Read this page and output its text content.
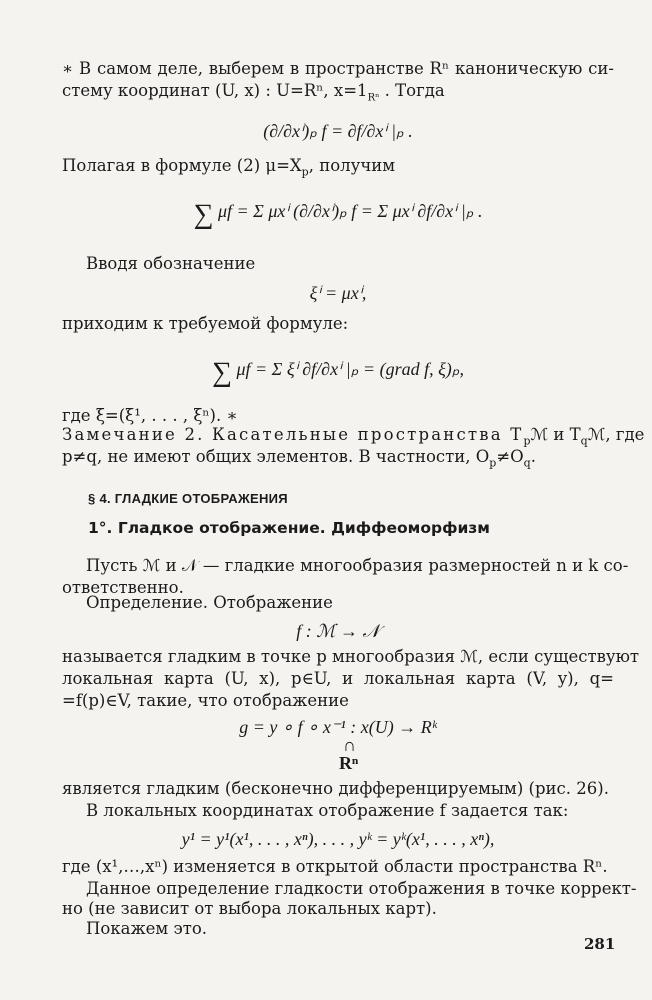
∗ В самом деле, выберем в пространстве Rⁿ каноническую си-
стему координат (U, x) : U=Rⁿ, $x=1_{R^n}$ . Тогда
(∂/∂xⁱ)ₚ f = ∂f/∂xⁱ |ₚ .
Полагая в формуле (2) $\mu=X_p$, получим
∑ μf = Σ μxⁱ (∂/∂xⁱ)ₚ f = Σ μxⁱ ∂f/∂xⁱ |ₚ .
Вводя обозначение
ξⁱ = μxⁱ,
приходим к требуемой формуле:
∑ μf = Σ ξⁱ ∂f/∂xⁱ |ₚ = (grad f, ξ)ₚ,
где ξ=(ξ¹, . . . , ξⁿ). ∗
Замечание 2. Касательные пространства $T_pℳ$ и $T_qℳ$, где
p≠q, не имеют общих элементов. В частности, $O_p\ne O_q$.
§ 4. ГЛАДКИЕ ОТОБРАЖЕНИЯ
1°. Гладкое отображение. Диффеоморфизм
Пусть ℳ и 𝒩 — гладкие многообразия размерностей n и k со-
ответственно.
Определение. Отображение
f : ℳ → 𝒩
называется гладким в точке p многообразия ℳ, если существуют
локальная карта (U, x), p∈U, и локальная карта (V, y), q=
=f(p)∈V, такие, что отображение
g = y ∘ f ∘ x⁻¹ : x(U) → Rᵏ
∩
Rⁿ
является гладким (бесконечно дифференцируемым) (рис. 26).
В локальных координатах отображение f задается так:
y¹ = y¹(x¹, . . . , xⁿ), . . . , yᵏ = yᵏ(x¹, . . . , xⁿ),
где (x¹,…,xⁿ) изменяется в открытой области пространства Rⁿ.
Данное определение гладкости отображения в точке коррект-
но (не зависит от выбора локальных карт).
Покажем это.
281
